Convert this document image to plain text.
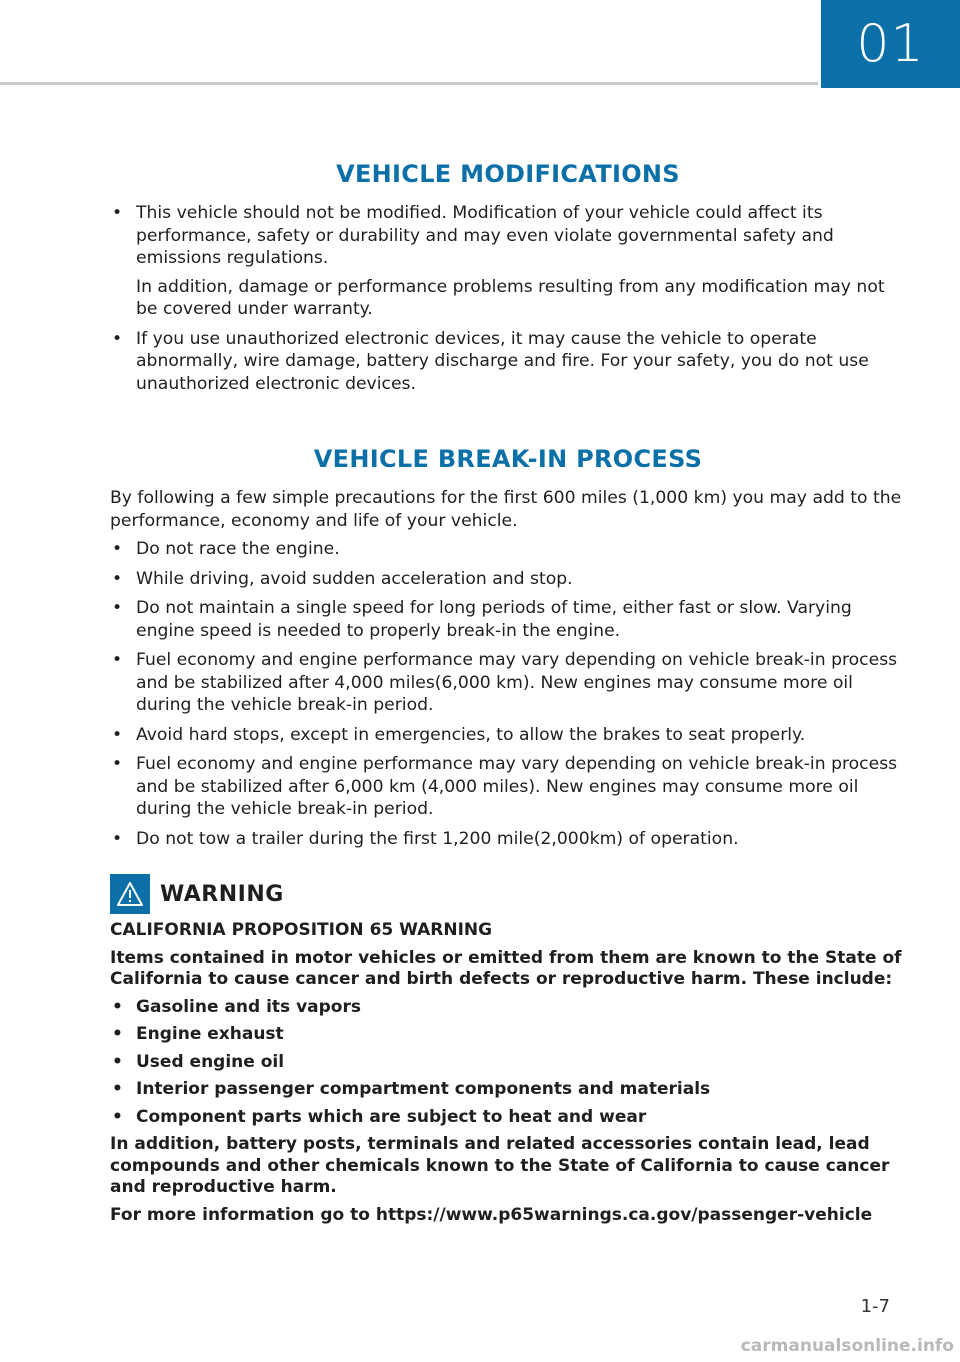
01
VEHICLE MODIFICATIONS
• This vehicle should not be modified. Modification of your vehicle could affect its performance, safety or durability and may even violate governmental safety and emissions regulations.
In addition, damage or performance problems resulting from any modification may not be covered under warranty.
• If you use unauthorized electronic devices, it may cause the vehicle to operate abnormally, wire damage, battery discharge and fire. For your safety, you do not use unauthorized electronic devices.
VEHICLE BREAK-IN PROCESS

By following a few simple precautions for the first 600 miles (1,000 km) you may add to the performance, economy and life of your vehicle.

• Do not race the engine.
• While driving, avoid sudden acceleration and stop.
• Do not maintain a single speed for long periods of time, either fast or slow. Varying engine speed is needed to properly break-in the engine.
• Fuel economy and engine performance may vary depending on vehicle break-in process and be stabilized after 4,000 miles(6,000 km). New engines may consume more oil during the vehicle break-in period.
• Avoid hard stops, except in emergencies, to allow the brakes to seat properly.
• Fuel economy and engine performance may vary depending on vehicle break-in process and be stabilized after 6,000 km (4,000 miles). New engines may consume more oil during the vehicle break-in period.
• Do not tow a trailer during the first 1,200 mile(2,000km) of operation.
WARNING

CALIFORNIA PROPOSITION 65 WARNING

Items contained in motor vehicles or emitted from them are known to the State of California to cause cancer and birth defects or reproductive harm. These include:

• Gasoline and its vapors
• Engine exhaust
• Used engine oil
• Interior passenger compartment components and materials
• Component parts which are subject to heat and wear

In addition, battery posts, terminals and related accessories contain lead, lead compounds and other chemicals known to the State of California to cause cancer and reproductive harm.

For more information go to https://www.p65warnings.ca.gov/passenger-vehicle

1-7
carmanualsonline.info
